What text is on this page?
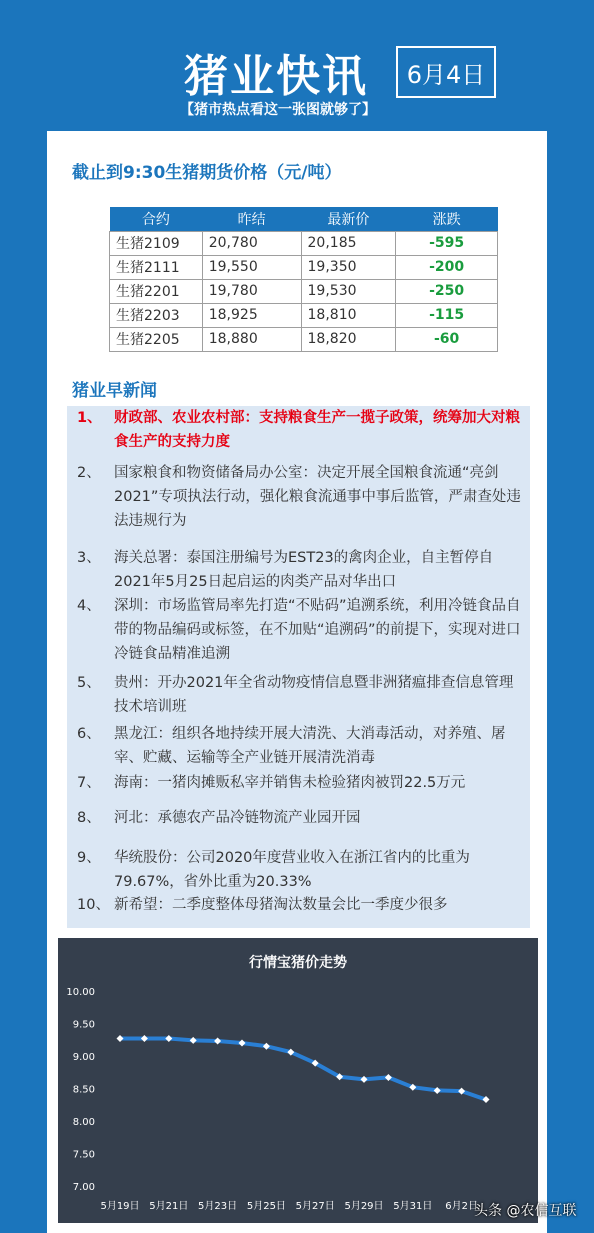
猪业快讯	6月4日
【猪市热点看这一张图就够了】
截止到9:30生猪期货价格（元/吨）
合约	昨结	最新价	涨跌
生猪2109	20,780	20,185	-595
生猪2111	19,550	19,350	-200
生猪2201	19,780	19,530	-250
生猪2203	18,925	18,810	-115
生猪2205	18,880	18,820	-60
猪业早新闻
1、 财政部、农业农村部：支持粮食生产一揽子政策，统筹加大对粮食生产的支持力度
2、 国家粮食和物资储备局办公室：决定开展全国粮食流通“亮剑2021”专项执法行动，强化粮食流通事中事后监管，严肃查处违法违规行为
3、 海关总署：泰国注册编号为EST23的禽肉企业，自主暂停自2021年5月25日起启运的肉类产品对华出口
4、 深圳：市场监管局率先打造“不贴码”追溯系统，利用冷链食品自带的物品编码或标签，在不加贴“追溯码”的前提下，实现对进口冷链食品精准追溯
5、 贵州：开办2021年全省动物疫情信息暨非洲猪瘟排查信息管理技术培训班
6、 黑龙江：组织各地持续开展大清洗、大消毒活动，对养殖、屠宰、贮藏、运输等全产业链开展清洗消毒
7、 海南：一猪肉摊贩私宰并销售未检验猪肉被罚22.5万元
8、 河北：承德农产品冷链物流产业园开园
9、 华统股份：公司2020年度营业收入在浙江省内的比重为79.67%，省外比重为20.33%
10、 新希望：二季度整体母猪淘汰数量会比一季度少很多
行情宝猪价走势
10.00
9.50
9.00
8.50
8.00
7.50
7.00
5月19日 5月21日 5月23日 5月25日 5月27日 5月29日 5月31日 6月2日
头条 @农信互联
